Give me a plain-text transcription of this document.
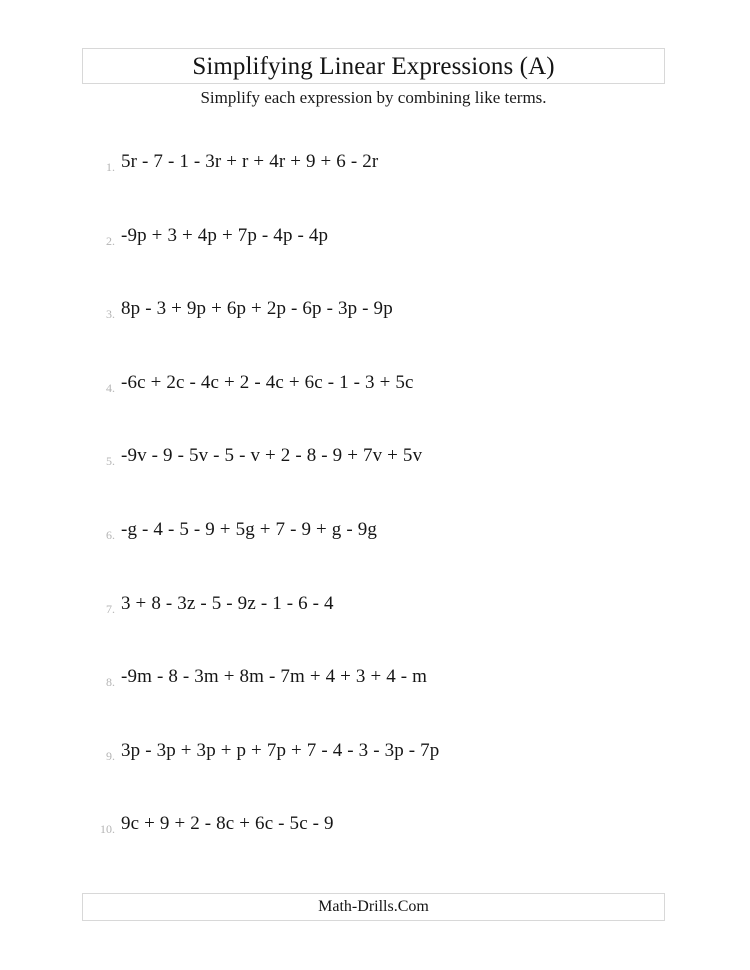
Simplifying Linear Expressions (A)
Simplify each expression by combining like terms.
1. 5r - 7 - 1 - 3r + r + 4r + 9 + 6 - 2r
2. -9p + 3 + 4p + 7p - 4p - 4p
3. 8p - 3 + 9p + 6p + 2p - 6p - 3p - 9p
4. -6c + 2c - 4c + 2 - 4c + 6c - 1 - 3 + 5c
5. -9v - 9 - 5v - 5 - v + 2 - 8 - 9 + 7v + 5v
6. -g - 4 - 5 - 9 + 5g + 7 - 9 + g - 9g
7. 3 + 8 - 3z - 5 - 9z - 1 - 6 - 4
8. -9m - 8 - 3m + 8m - 7m + 4 + 3 + 4 - m
9. 3p - 3p + 3p + p + 7p + 7 - 4 - 3 - 3p - 7p
10. 9c + 9 + 2 - 8c + 6c - 5c - 9
Math-Drills.Com
